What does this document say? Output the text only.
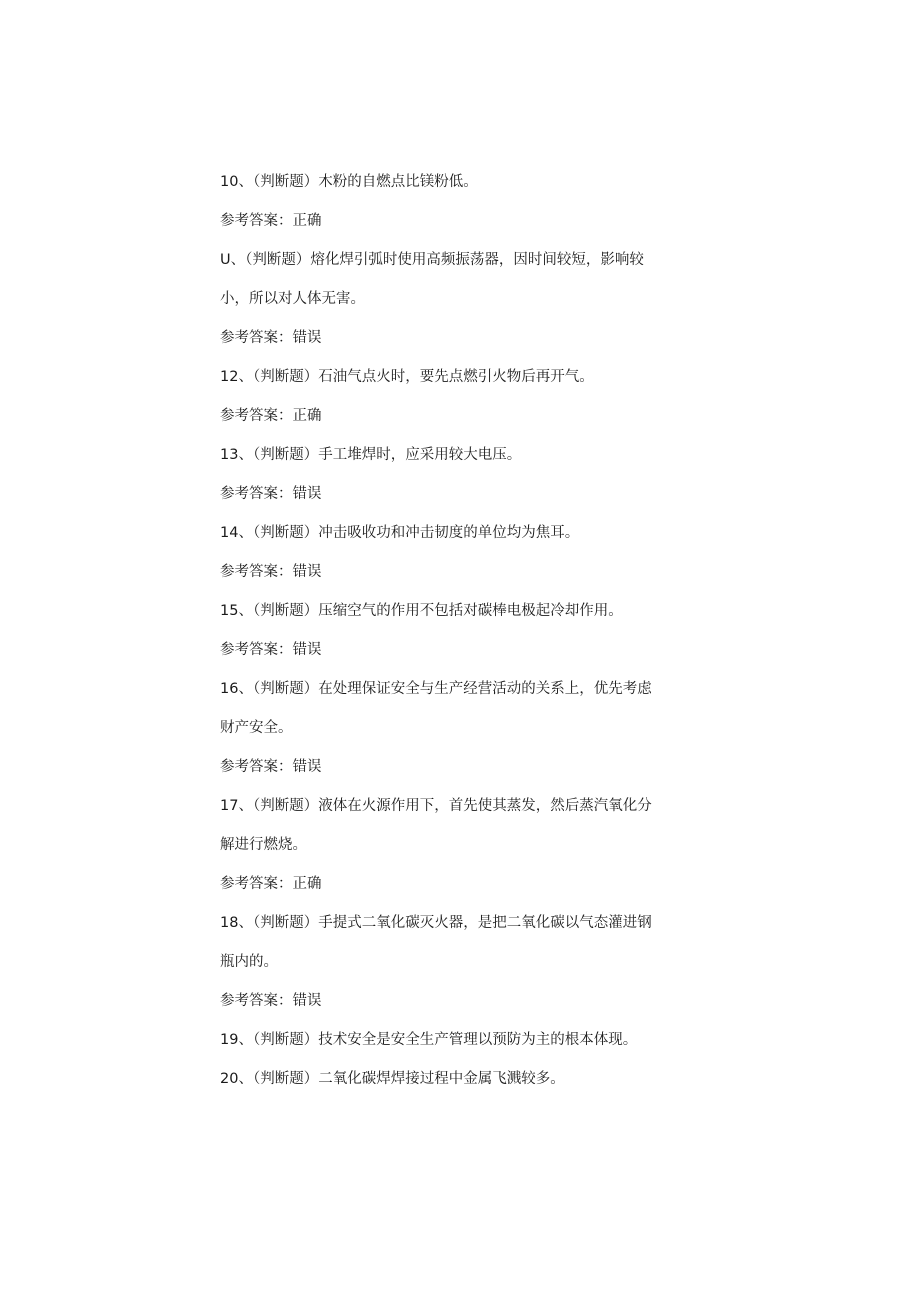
10、（判断题）木粉的自燃点比镁粉低。
参考答案：正确
U、（判断题）熔化焊引弧时使用高频振荡器，因时间较短，影响较
小，所以对人体无害。
参考答案：错误
12、（判断题）石油气点火时，要先点燃引火物后再开气。
参考答案：正确
13、（判断题）手工堆焊时，应采用较大电压。
参考答案：错误
14、（判断题）冲击吸收功和冲击韧度的单位均为焦耳。
参考答案：错误
15、（判断题）压缩空气的作用不包括对碳棒电极起冷却作用。
参考答案：错误
16、（判断题）在处理保证安全与生产经营活动的关系上，优先考虑
财产安全。
参考答案：错误
17、（判断题）液体在火源作用下，首先使其蒸发，然后蒸汽氧化分
解进行燃烧。
参考答案：正确
18、（判断题）手提式二氧化碳灭火器，是把二氧化碳以气态灌进钢
瓶内的。
参考答案：错误
19、（判断题）技术安全是安全生产管理以预防为主的根本体现。
20、（判断题）二氧化碳焊焊接过程中金属飞溅较多。
